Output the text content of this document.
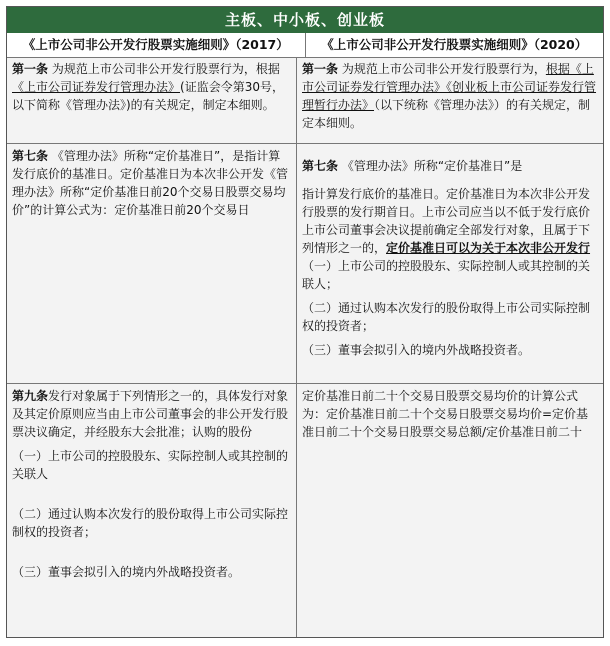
主板、中小板、创业板
《上市公司非公开发行股票实施细则》（2017）	《上市公司非公开发行股票实施细则》（2020）
第一条 为规范上市公司非公开发行股票行为，根据《上市公司证券发行管理办法》(证监会令第30号，以下简称《管理办法》)的有关规定，制定本细则。
第七条 《管理办法》所称“定价基准日”，是指计算发行底价的基准日。定价基准日为本次非公开发《管理办法》所称“定价基准日前20个交易日股票交易均价”的计算公式为：定价基准日前20个交易日

第九条发行对象属于下列情形之一的，具体发行对象及其定价原则应当由上市公司董事会的非公开发行股票决议确定，并经股东大会批准；认购的股份

（一）上市公司的控股股东、实际控制人或其控制的关联人

（二）通过认购本次发行的股份取得上市公司实际控制权的投资者；

（三）董事会拟引入的境内外战略投资者。

第一条 为规范上市公司非公开发行股票行为，根据《上市公司证券发行管理办法》《创业板上市公司证券发行管理暂行办法》（以下统称《管理办法》）的有关规定，制定本细则。

第七条 《管理办法》所称“定价基准日”是

指计算发行底价的基准日。定价基准日为本次非公开发行股票的发行期首日。上市公司应当以不低于发行底价上市公司董事会决议提前确定全部发行对象，且属于下列情形之一的，定价基准日可以为关于本次非公开发行

（一）上市公司的控股股东、实际控制人或其控制的关联人；

（二）通过认购本次发行的股份取得上市公司实际控制权的投资者；

（三）董事会拟引入的境内外战略投资者。

定价基准日前二十个交易日股票交易均价的计算公式为：定价基准日前二十个交易日股票交易均价=定价基准日前二十个交易日股票交易总额/定价基准日前二十
